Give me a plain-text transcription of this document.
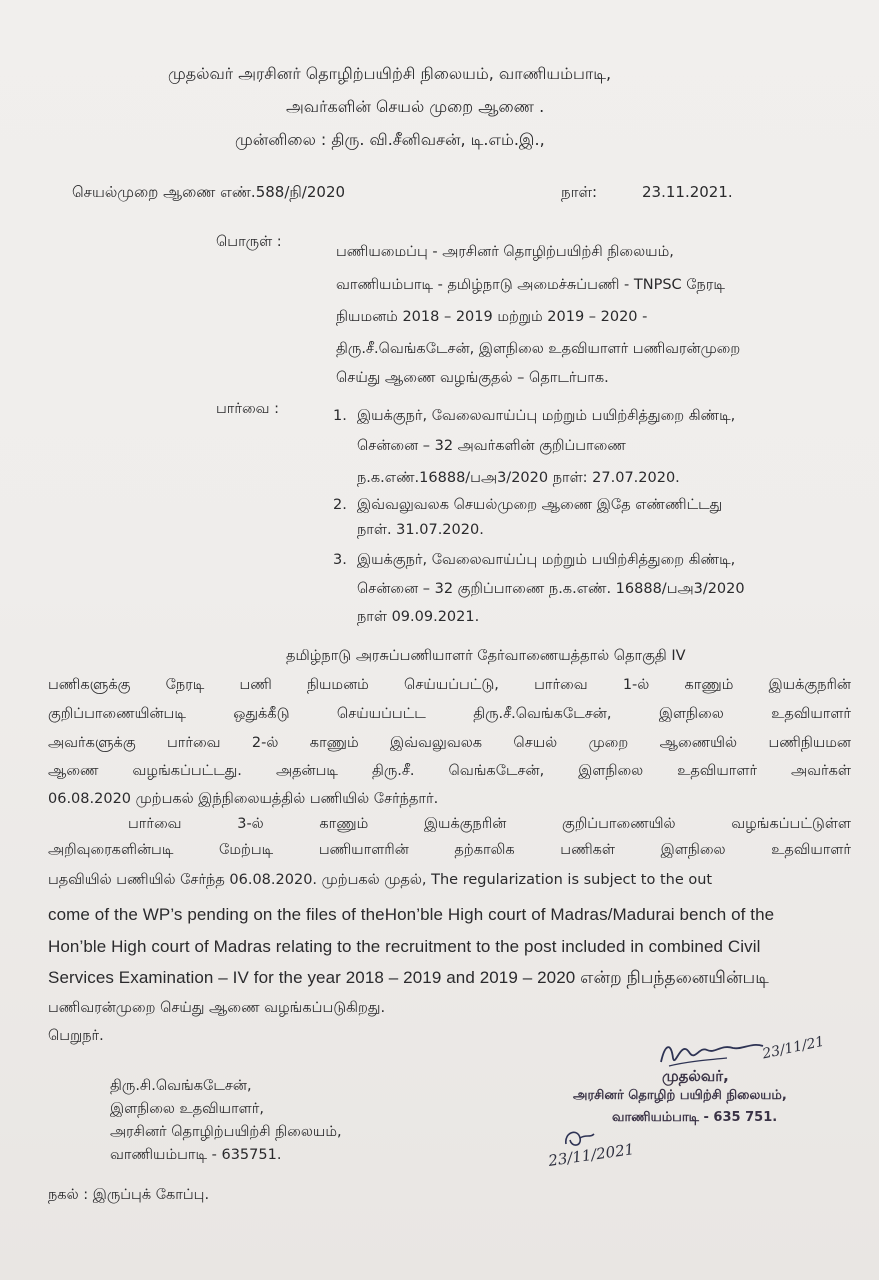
முதல்வர் அரசினர் தொழிற்பயிற்சி நிலையம், வாணியம்பாடி,
அவர்களின் செயல் முறை ஆணை .
முன்னிலை : திரு. வி.சீனிவசன், டி.எம்.இ.,
செயல்முறை ஆணை எண்.588/நி/2020	நாள்:	23.11.2021.
பொருள் :
பணியமைப்பு - அரசினர் தொழிற்பயிற்சி நிலையம்,
வாணியம்பாடி - தமிழ்நாடு அமைச்சுப்பணி - TNPSC நேரடி
நியமனம் 2018 – 2019 மற்றும் 2019 – 2020 -
திரு.சீ.வெங்கடேசன், இளநிலை உதவியாளர் பணிவரன்முறை
செய்து ஆணை வழங்குதல் – தொடர்பாக.
பார்வை :	1. இயக்குநர், வேலைவாய்ப்பு மற்றும் பயிற்சித்துறை கிண்டி,
சென்னை – 32 அவர்களின் குறிப்பாணை
ந.க.எண்.16888/பஅ3/2020 நாள்: 27.07.2020.
2. இவ்வலுவலக செயல்முறை ஆணை இதே எண்ணிட்டது
நாள். 31.07.2020.
3. இயக்குநர், வேலைவாய்ப்பு மற்றும் பயிற்சித்துறை கிண்டி,
சென்னை – 32 குறிப்பாணை ந.க.எண். 16888/பஅ3/2020
நாள் 09.09.2021.
தமிழ்நாடு அரசுப்பணியாளர் தேர்வாணையத்தால் தொகுதி IV
பணிகளுக்கு நேரடி பணி நியமனம் செய்யப்பட்டு, பார்வை 1-ல் காணும் இயக்குநரின்
குறிப்பாணையின்படி ஒதுக்கீடு செய்யப்பட்ட திரு.சீ.வெங்கடேசன், இளநிலை உதவியாளர்
அவர்களுக்கு பார்வை 2-ல் காணும் இவ்வலுவலக செயல் முறை ஆணையில் பணிநியமன
ஆணை வழங்கப்பட்டது. அதன்படி திரு.சீ. வெங்கடேசன், இளநிலை உதவியாளர் அவர்கள்
06.08.2020 முற்பகல் இந்நிலையத்தில் பணியில் சேர்ந்தார்.
பார்வை 3-ல் காணும் இயக்குநரின் குறிப்பாணையில் வழங்கப்பட்டுள்ள
அறிவுரைகளின்படி மேற்படி பணியாளரின் தற்காலிக பணிகள் இளநிலை உதவியாளர்
பதவியில் பணியில் சேர்ந்த 06.08.2020. முற்பகல் முதல், The regularization is subject to the out
come of the WP’s pending on the files of theHon’ble High court of Madras/Madurai bench of the
Hon’ble High court of Madras relating to the recruitment to the post included in combined Civil
Services Examination – IV for the year 2018 – 2019 and 2019 – 2020 என்ற நிபந்தனையின்படி
பணிவரன்முறை செய்து ஆணை வழங்கப்படுகிறது.
பெறுநர்.
திரு.சி.வெங்கடேசன்,
இளநிலை உதவியாளர்,
அரசினர் தொழிற்பயிற்சி நிலையம்,
வாணியம்பாடி - 635751.
23/11/21
முதல்வர்,
அரசினர் தொழிற் பயிற்சி நிலையம்,
வாணியம்பாடி - 635 751.
23/11/2021
நகல் : இருப்புக் கோப்பு.
